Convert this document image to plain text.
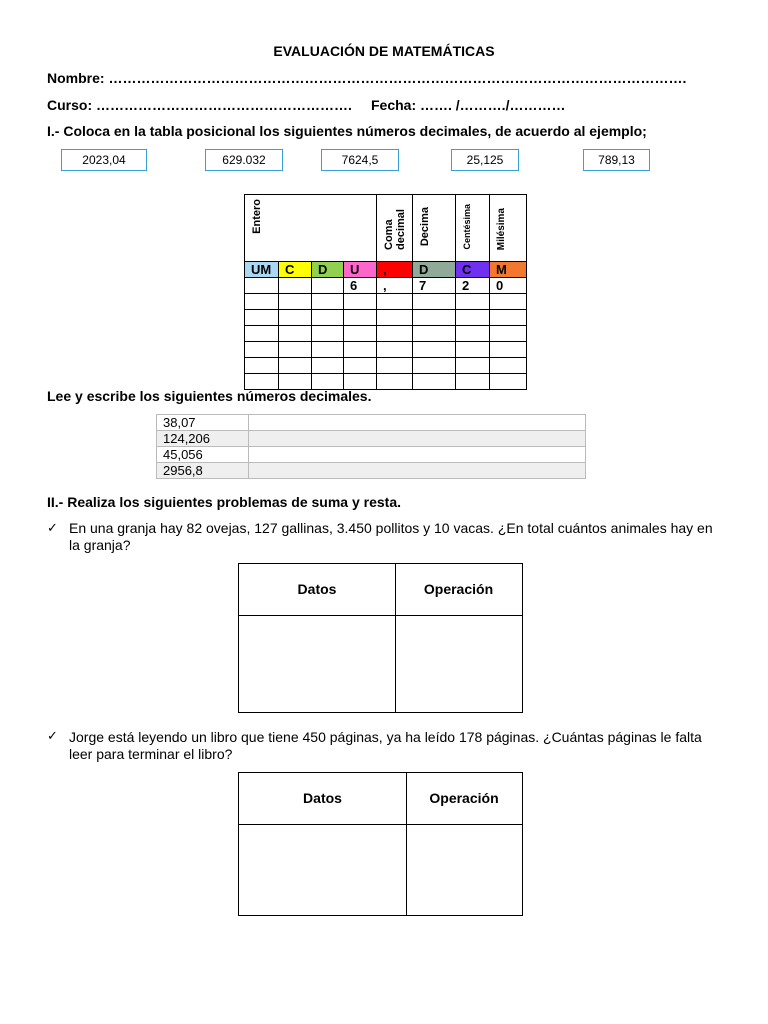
EVALUACIÓN DE MATEMÁTICAS
Nombre: …………………………………………………………………………………………………………….
Curso: ………………………………………………. Fecha: ……. /………./…………
I.- Coloca en la tabla posicional los siguientes números decimales, de acuerdo al ejemplo;
2023,04	629.032	7624,5	25,125	789,13
Entero				Coma decimal	Decima	Centésima	Milésima
UM	C	D	U	,	D	C	M
			6	,	7	2	0

Lee y escribe los siguientes números decimales.
38,07	
124,206	
45,056	
2956,8	
II.- Realiza los siguientes problemas de suma y resta.
✓ En una granja hay 82 ovejas, 127 gallinas, 3.450 pollitos y 10 vacas. ¿En total cuántos animales hay en la granja?
Datos	Operación
✓ Jorge está leyendo un libro que tiene 450 páginas, ya ha leído 178 páginas. ¿Cuántas páginas le falta leer para terminar el libro?
Datos	Operación
